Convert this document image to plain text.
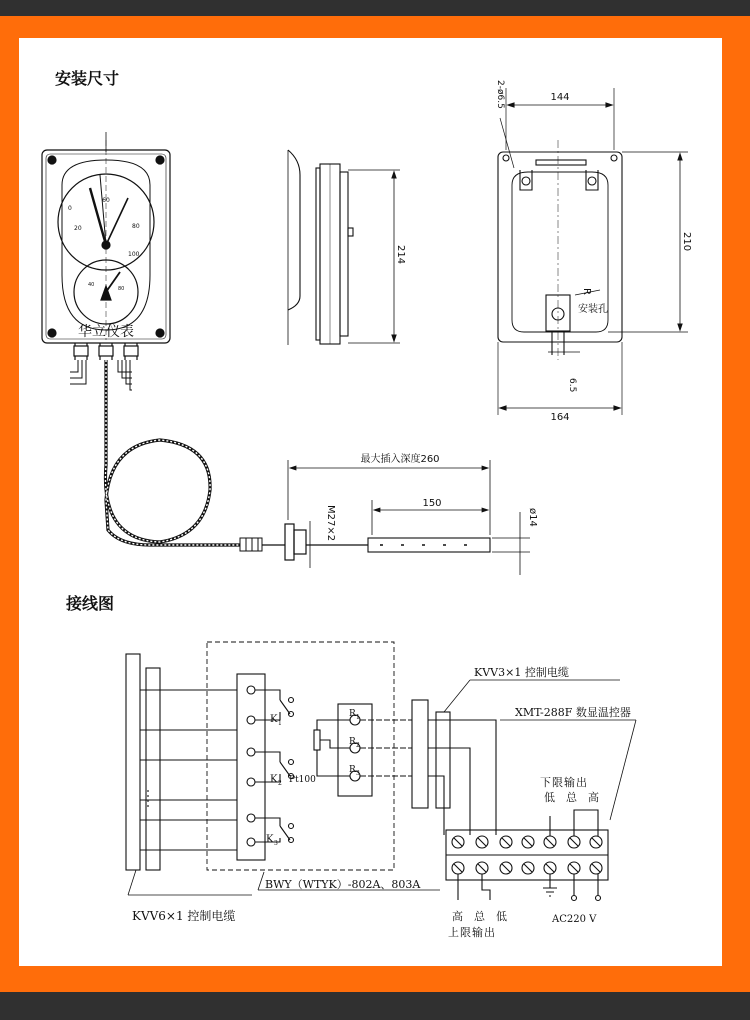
安装尺寸
接线图
60
20
0
80
100
40
80
华立仪表
最大插入深度260
150
M27×2	ø14
214
2-ø6.5	144
210
R
安装孔
6.5
164
KVV3×1 控制电缆
XMT-288F 数显温控器
下限输出
低 总 高
K 1
K 2 Pt100
K 3
R 1
R 2
R 3
BWY（WTYK）-802A、803A
高 总 低
上限输出
AC220 V
KVV6×1 控制电缆
